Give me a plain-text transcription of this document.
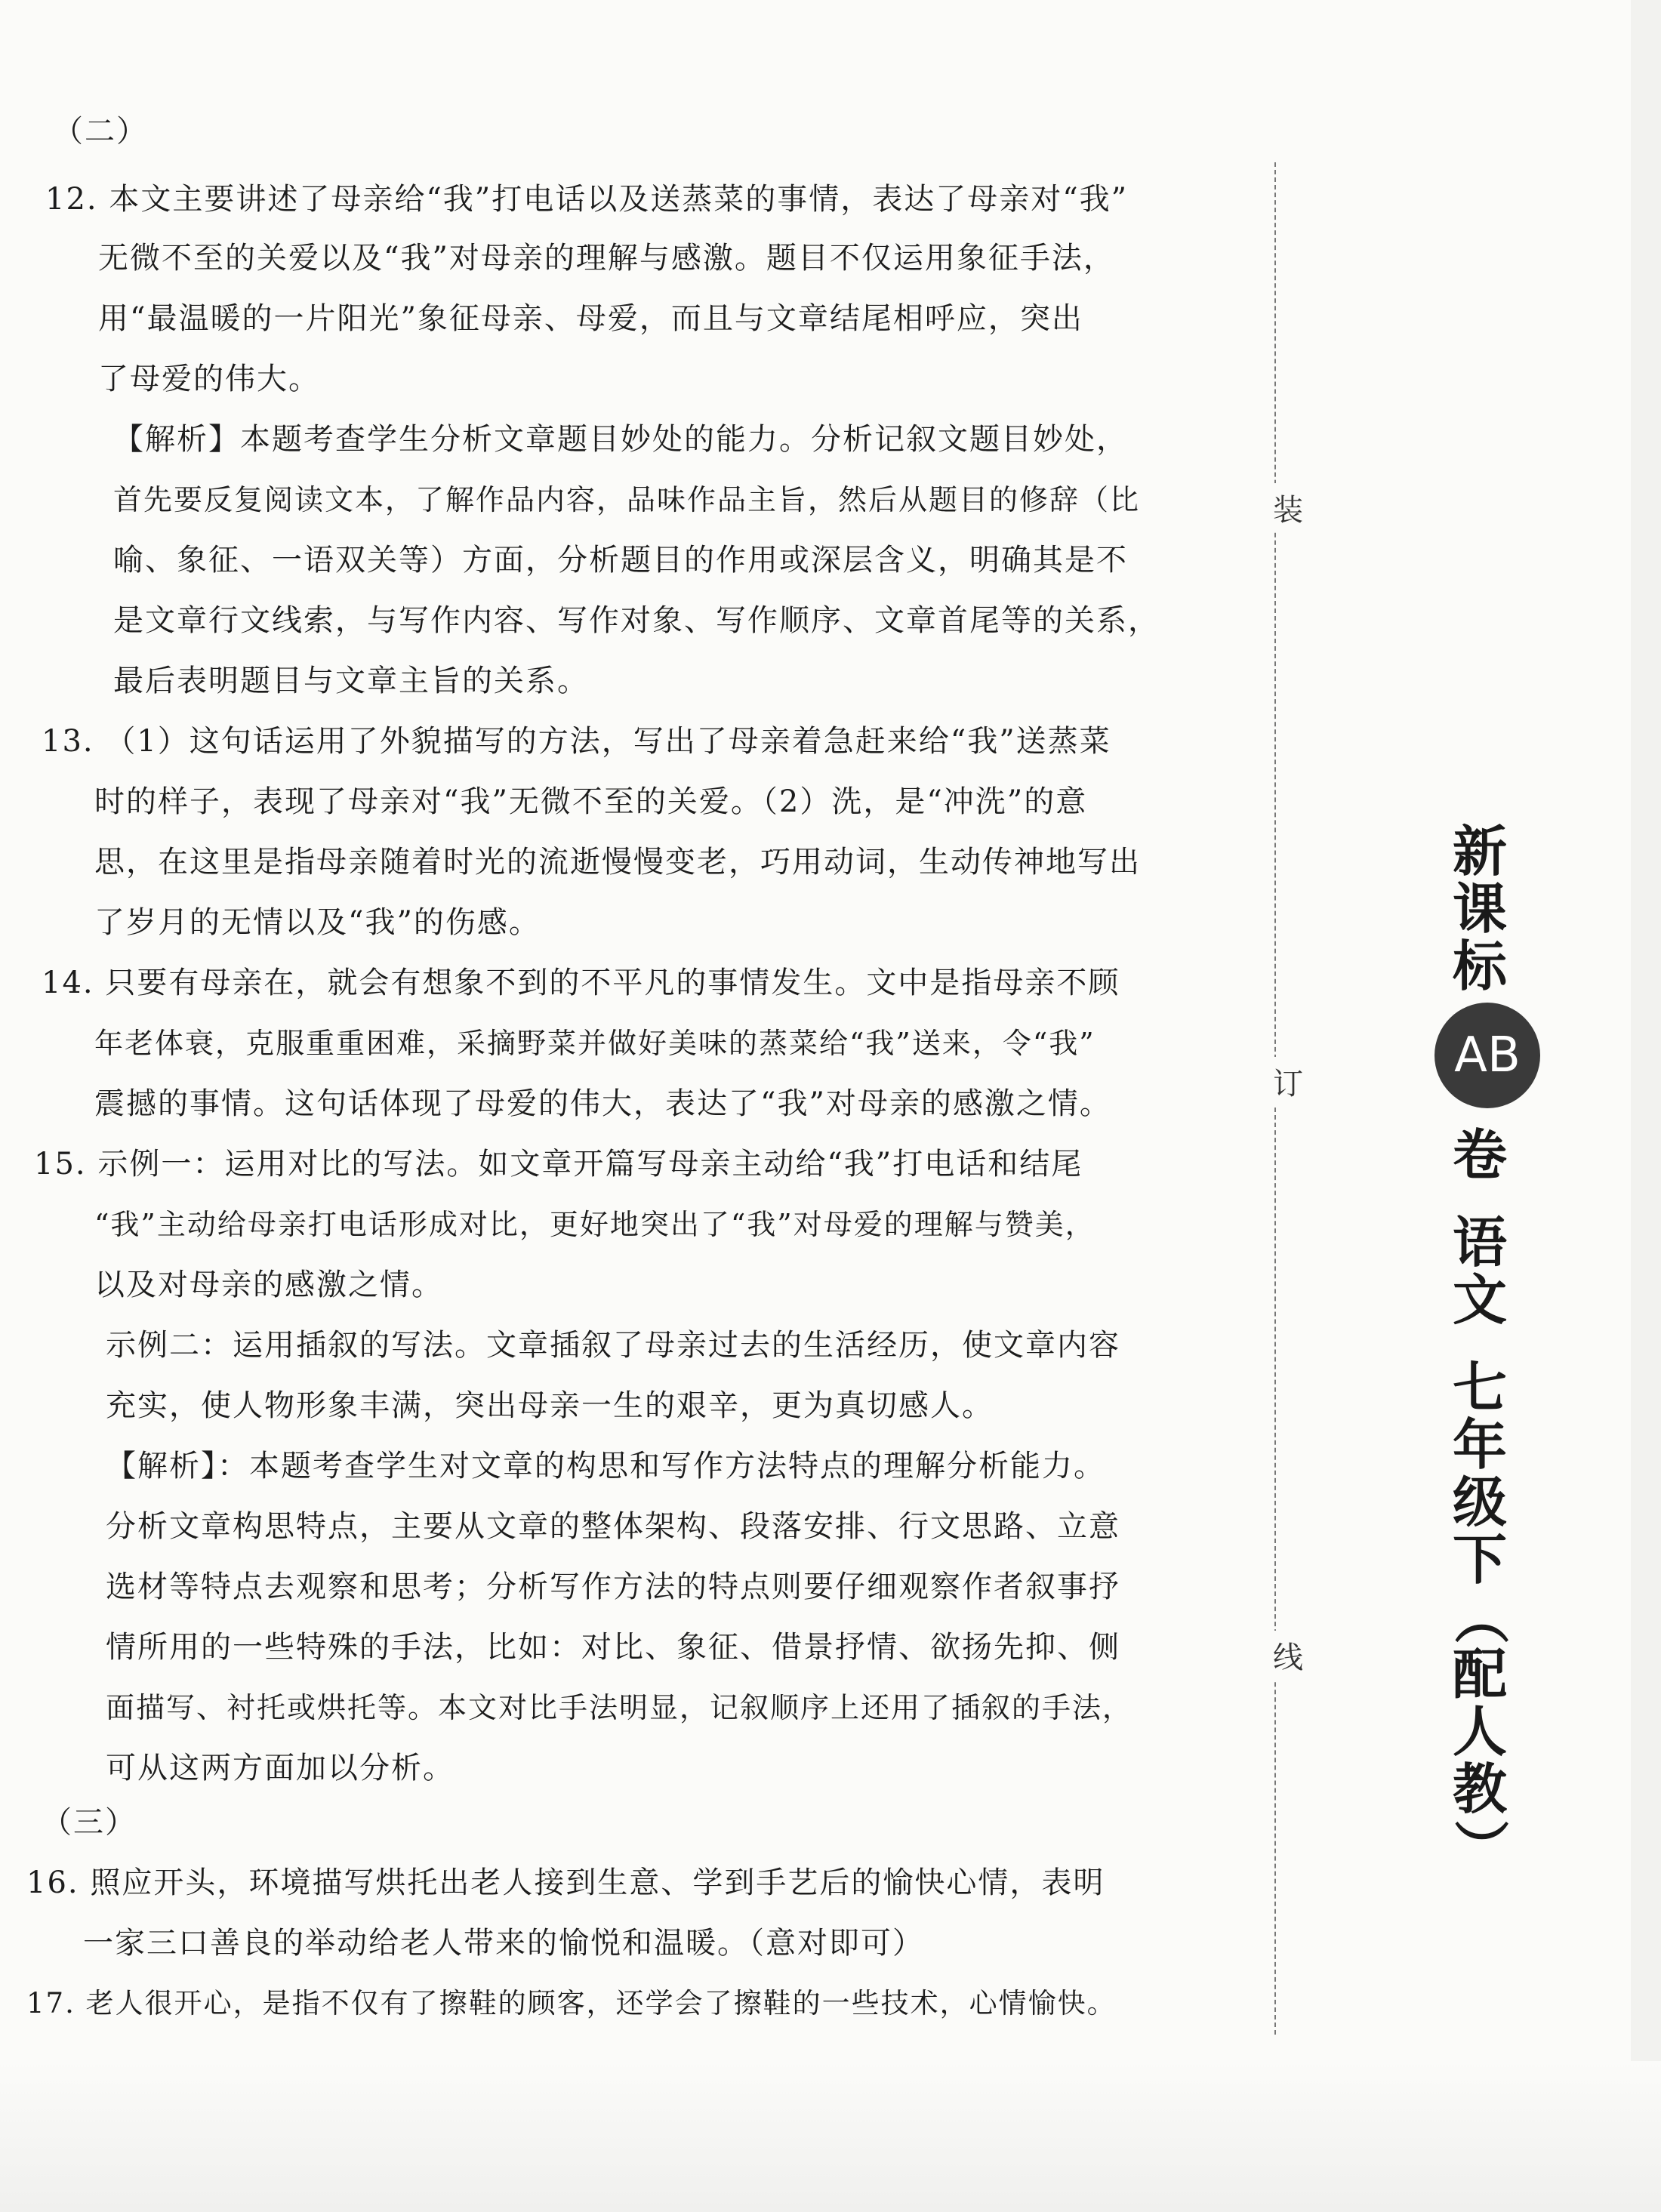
（二）
12. 本文主要讲述了母亲给“我”打电话以及送蒸菜的事情，表达了母亲对“我”
无微不至的关爱以及“我”对母亲的理解与感激。题目不仅运用象征手法，
用“最温暖的一片阳光”象征母亲、母爱，而且与文章结尾相呼应，突出
了母爱的伟大。
【解析】本题考查学生分析文章题目妙处的能力。分析记叙文题目妙处，
首先要反复阅读文本，了解作品内容，品味作品主旨，然后从题目的修辞（比
喻、象征、一语双关等）方面，分析题目的作用或深层含义，明确其是不
是文章行文线索，与写作内容、写作对象、写作顺序、文章首尾等的关系，
最后表明题目与文章主旨的关系。
13. （1）这句话运用了外貌描写的方法，写出了母亲着急赶来给“我”送蒸菜
时的样子，表现了母亲对“我”无微不至的关爱。（2）洗，是“冲洗”的意
思，在这里是指母亲随着时光的流逝慢慢变老，巧用动词，生动传神地写出
了岁月的无情以及“我”的伤感。
14. 只要有母亲在，就会有想象不到的不平凡的事情发生。文中是指母亲不顾
年老体衰，克服重重困难，采摘野菜并做好美味的蒸菜给“我”送来，令“我”
震撼的事情。这句话体现了母爱的伟大，表达了“我”对母亲的感激之情。
15. 示例一：运用对比的写法。如文章开篇写母亲主动给“我”打电话和结尾
“我”主动给母亲打电话形成对比，更好地突出了“我”对母爱的理解与赞美，
以及对母亲的感激之情。
示例二：运用插叙的写法。文章插叙了母亲过去的生活经历，使文章内容
充实，使人物形象丰满，突出母亲一生的艰辛，更为真切感人。
【解析】：本题考查学生对文章的构思和写作方法特点的理解分析能力。
分析文章构思特点，主要从文章的整体架构、段落安排、行文思路、立意
选材等特点去观察和思考；分析写作方法的特点则要仔细观察作者叙事抒
情所用的一些特殊的手法，比如：对比、象征、借景抒情、欲扬先抑、侧
面描写、衬托或烘托等。本文对比手法明显，记叙顺序上还用了插叙的手法，
可从这两方面加以分析。
（三）
16. 照应开头，环境描写烘托出老人接到生意、学到手艺后的愉快心情，表明
一家三口善良的举动给老人带来的愉悦和温暖。（意对即可）
17. 老人很开心，是指不仅有了擦鞋的顾客，还学会了擦鞋的一些技术，心情愉快。
装
订
线
新
课
标
AB
卷
语
文
七
年
级
下
（
配
人
教
）
